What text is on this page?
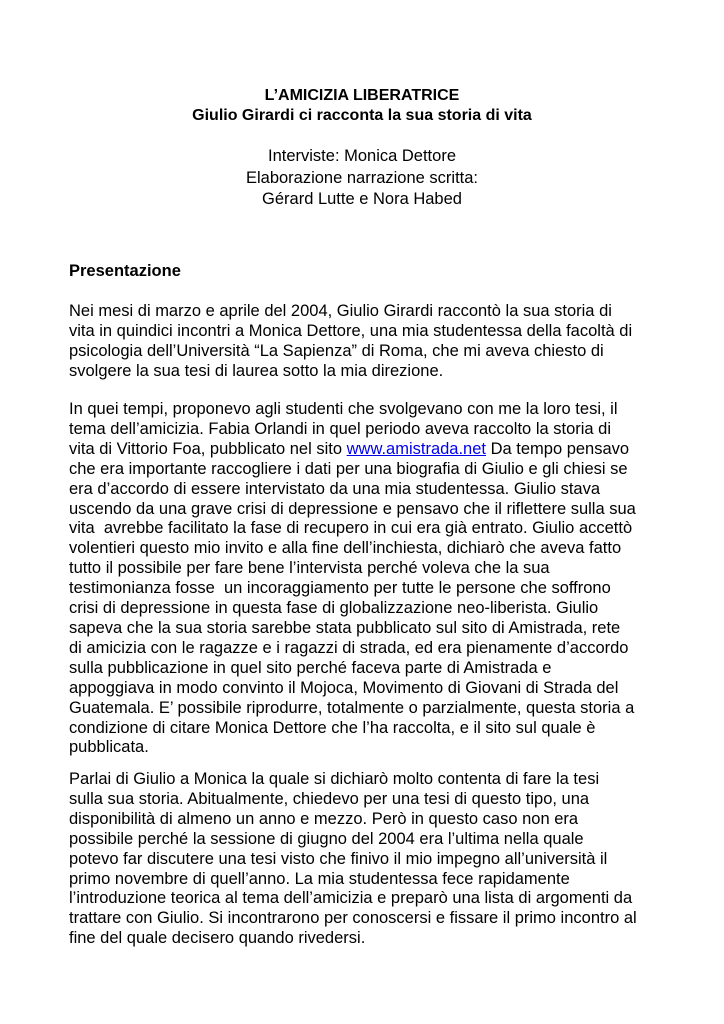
L’AMICIZIA LIBERATRICE
Giulio Girardi ci racconta la sua storia di vita
Interviste: Monica Dettore
Elaborazione narrazione scritta:
Gérard Lutte e Nora Habed
Presentazione
Nei mesi di marzo e aprile del 2004, Giulio Girardi raccontò la sua storia di
vita in quindici incontri a Monica Dettore, una mia studentessa della facoltà di
psicologia dell’Università “La Sapienza” di Roma, che mi aveva chiesto di
svolgere la sua tesi di laurea sotto la mia direzione.
In quei tempi, proponevo agli studenti che svolgevano con me la loro tesi, il
tema dell’amicizia. Fabia Orlandi in quel periodo aveva raccolto la storia di
vita di Vittorio Foa, pubblicato nel sito www.amistrada.net Da tempo pensavo
che era importante raccogliere i dati per una biografia di Giulio e gli chiesi se
era d’accordo di essere intervistato da una mia studentessa. Giulio stava
uscendo da una grave crisi di depressione e pensavo che il riflettere sulla sua
vita  avrebbe facilitato la fase di recupero in cui era già entrato. Giulio accettò
volentieri questo mio invito e alla fine dell’inchiesta, dichiarò che aveva fatto
tutto il possibile per fare bene l’intervista perché voleva che la sua
testimonianza fosse  un incoraggiamento per tutte le persone che soffrono
crisi di depressione in questa fase di globalizzazione neo-liberista. Giulio
sapeva che la sua storia sarebbe stata pubblicato sul sito di Amistrada, rete
di amicizia con le ragazze e i ragazzi di strada, ed era pienamente d’accordo
sulla pubblicazione in quel sito perché faceva parte di Amistrada e
appoggiava in modo convinto il Mojoca, Movimento di Giovani di Strada del
Guatemala. E’ possibile riprodurre, totalmente o parzialmente, questa storia a
condizione di citare Monica Dettore che l’ha raccolta, e il sito sul quale è
pubblicata.
Parlai di Giulio a Monica la quale si dichiarò molto contenta di fare la tesi
sulla sua storia. Abitualmente, chiedevo per una tesi di questo tipo, una
disponibilità di almeno un anno e mezzo. Però in questo caso non era
possibile perché la sessione di giugno del 2004 era l’ultima nella quale
potevo far discutere una tesi visto che finivo il mio impegno all’università il
primo novembre di quell’anno. La mia studentessa fece rapidamente
l’introduzione teorica al tema dell’amicizia e preparò una lista di argomenti da
trattare con Giulio. Si incontrarono per conoscersi e fissare il primo incontro al
fine del quale decisero quando rivedersi.
